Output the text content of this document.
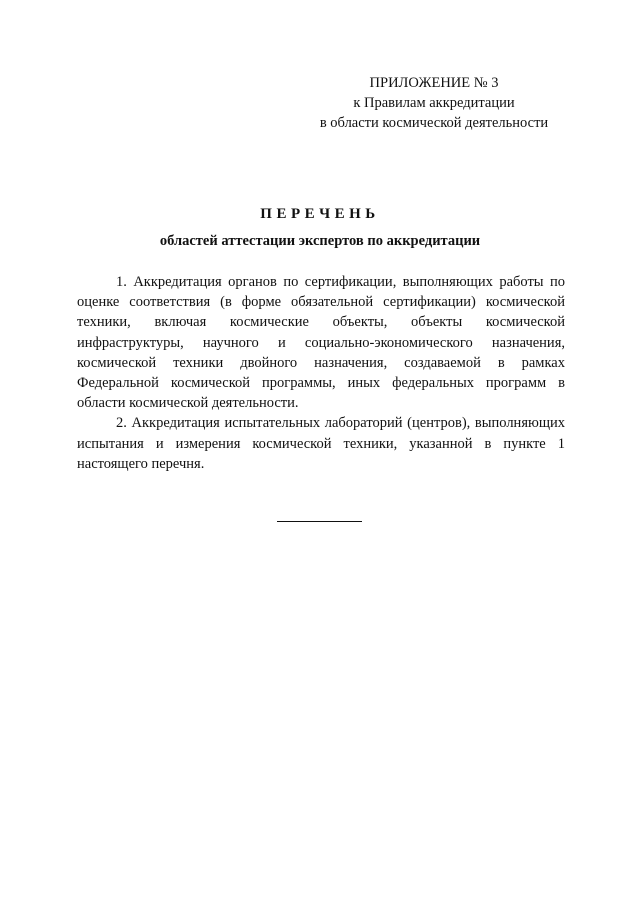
ПРИЛОЖЕНИЕ № 3
к Правилам аккредитации
в области космической деятельности
ПЕРЕЧЕНЬ
областей аттестации экспертов по аккредитации

1. Аккредитация органов по сертификации, выполняющих работы по оценке соответствия (в форме обязательной сертификации) космической техники, включая космические объекты, объекты космической инфраструктуры, научного и социально-экономического назначения, космической техники двойного назначения, создаваемой в рамках Федеральной космической программы, иных федеральных программ в области космической деятельности.

2. Аккредитация испытательных лабораторий (центров), выполняющих испытания и измерения космической техники, указанной в пункте 1 настоящего перечня.
